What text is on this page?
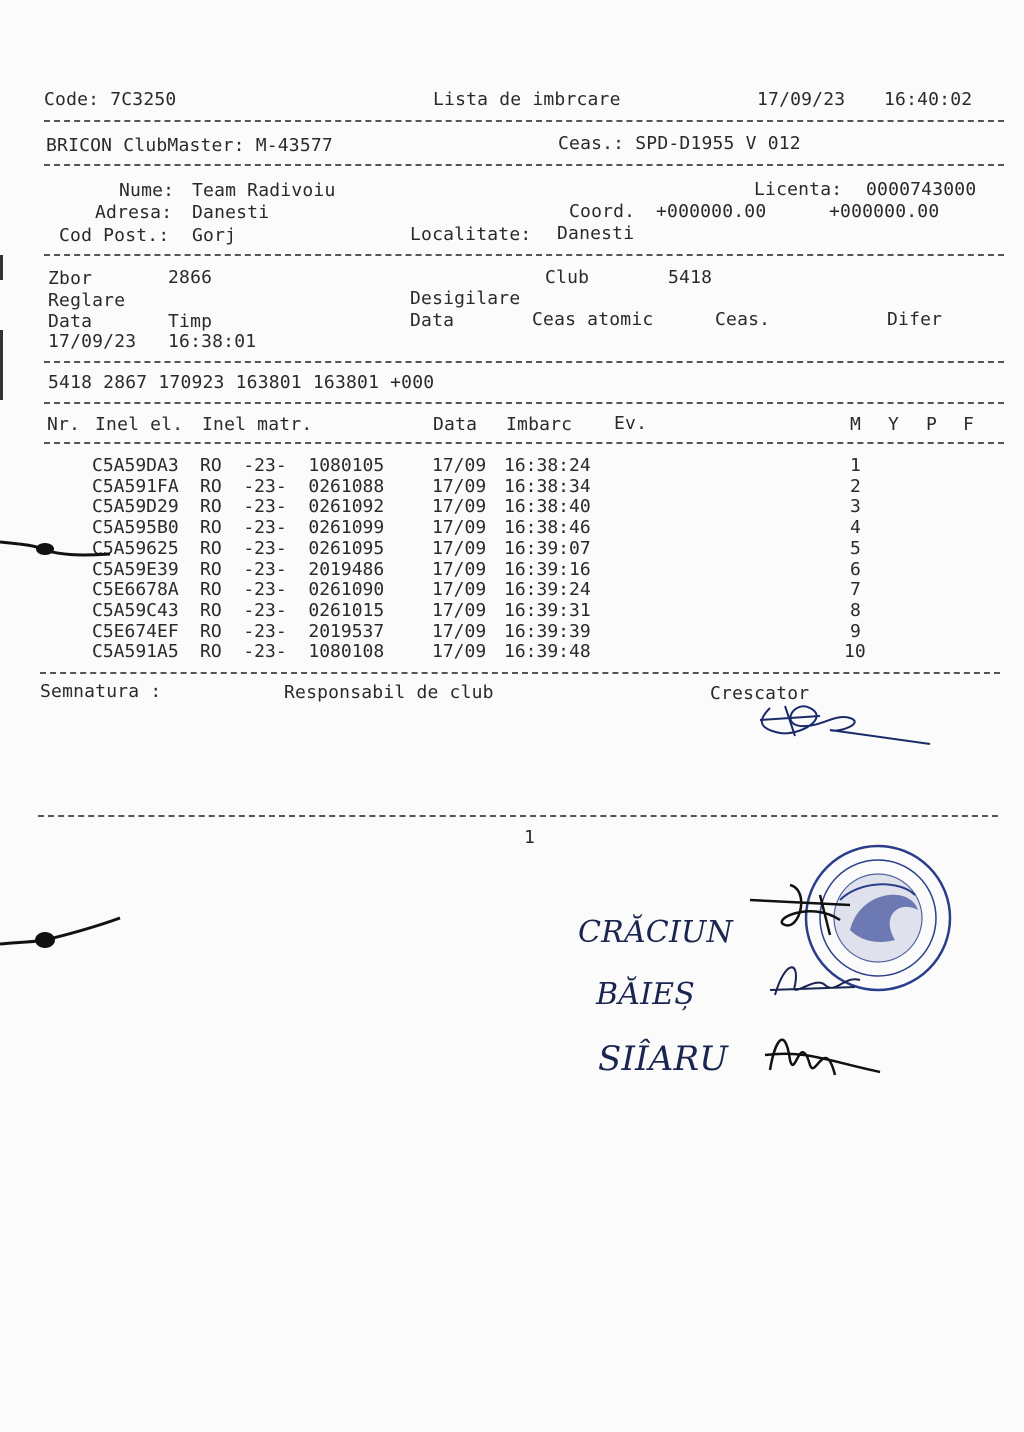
Code: 7C3250	Lista de imbrcare	17/09/23 16:40:02
BRICON ClubMaster: M-43577	Ceas.: SPD-D1955 V 012
Nume: Team Radivoiu
Adresa: Danesti
Cod Post.: Gorj
Licenta: 0000743000
Coord. +000000.00	+000000.00
Localitate: Danesti
Zbor	2866	Club	5418
Reglare	Desigilare
Data	Timp	Data	Ceas atomic	Ceas.	Difer
17/09/23 16:38:01
5418 2867 170923 163801 163801 +000
Nr. Inel el. Inel matr.	Data Imbarc Ev.	M Y P F
C5A59DA3 RO  -23-  1080105	17/09 16:38:24	1
C5A591FA RO  -23-  0261088	17/09 16:38:34	2
C5A59D29 RO  -23-  0261092	17/09 16:38:40	3
C5A595B0 RO  -23-  0261099	17/09 16:38:46	4
C5A59625 RO  -23-  0261095	17/09 16:39:07	5
C5A59E39 RO  -23-  2019486	17/09 16:39:16	6
C5E6678A RO  -23-  0261090	17/09 16:39:24	7
C5A59C43 RO  -23-  0261015	17/09 16:39:31	8
C5E674EF RO  -23-  2019537	17/09 16:39:39	9
C5A591A5 RO  -23-  1080108	17/09 16:39:48	10
Semnatura :	Responsabil de club	Crescator
1
CRĂCIUN
BĂIEȘ
SIÎARU
